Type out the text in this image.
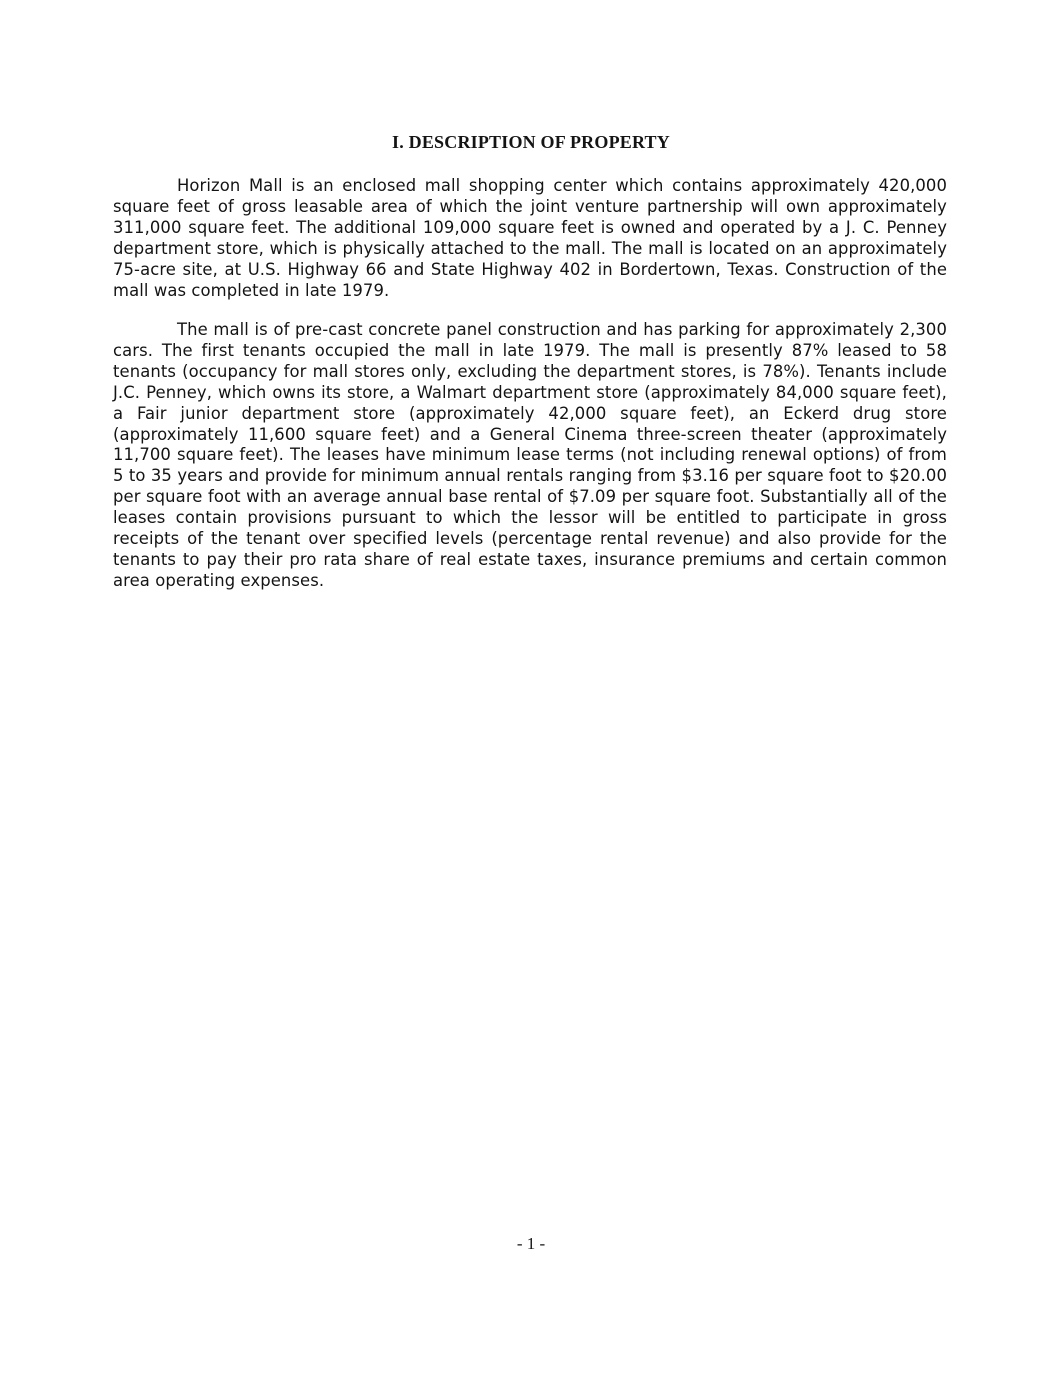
I. DESCRIPTION OF PROPERTY

Horizon Mall is an enclosed mall shopping center which contains approximately 420,000 square feet of gross leasable area of which the joint venture partnership will own approximately 311,000 square feet. The additional 109,000 square feet is owned and operated by a J. C. Penney department store, which is physically attached to the mall. The mall is located on an approximately 75-acre site, at U.S. Highway 66 and State Highway 402 in Bordertown, Texas. Construction of the mall was completed in late 1979.

The mall is of pre-cast concrete panel construction and has parking for approximately 2,300 cars. The first tenants occupied the mall in late 1979. The mall is presently 87% leased to 58 tenants (occupancy for mall stores only, excluding the department stores, is 78%). Tenants include J.C. Penney, which owns its store, a Walmart department store (approximately 84,000 square feet), a Fair junior department store (approximately 42,000 square feet), an Eckerd drug store (approximately 11,600 square feet) and a General Cinema three-screen theater (approximately 11,700 square feet). The leases have minimum lease terms (not including renewal options) of from 5 to 35 years and provide for minimum annual rentals ranging from $3.16 per square foot to $20.00 per square foot with an average annual base rental of $7.09 per square foot. Substantially all of the leases contain provisions pursuant to which the lessor will be entitled to participate in gross receipts of the tenant over specified levels (percentage rental revenue) and also provide for the tenants to pay their pro rata share of real estate taxes, insurance premiums and certain common area operating expenses.

- 1 -
